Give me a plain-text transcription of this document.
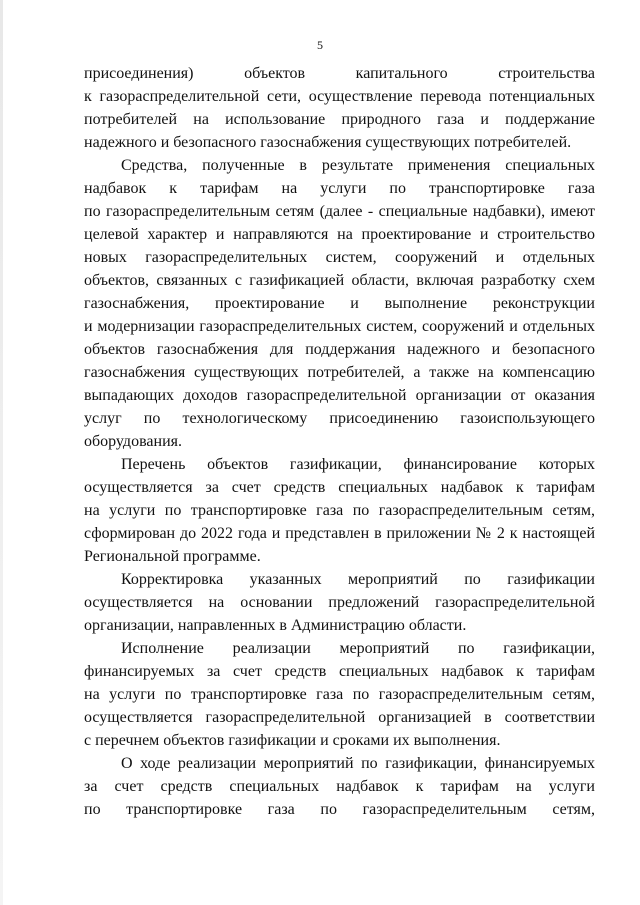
5
присоединения) объектов капитального строительства
к газораспределительной сети, осуществление перевода потенциальных
потребителей на использование природного газа и поддержание
надежного и безопасного газоснабжения существующих потребителей.
Средства, полученные в результате применения специальных
надбавок к тарифам на услуги по транспортировке газа
по газораспределительным сетям (далее - специальные надбавки), имеют
целевой характер и направляются на проектирование и строительство
новых газораспределительных систем, сооружений и отдельных
объектов, связанных с газификацией области, включая разработку схем
газоснабжения, проектирование и выполнение реконструкции
и модернизации газораспределительных систем, сооружений и отдельных
объектов газоснабжения для поддержания надежного и безопасного
газоснабжения существующих потребителей, а также на компенсацию
выпадающих доходов газораспределительной организации от оказания
услуг по технологическому присоединению газоиспользующего
оборудования.
Перечень объектов газификации, финансирование которых
осуществляется за счет средств специальных надбавок к тарифам
на услуги по транспортировке газа по газораспределительным сетям,
сформирован до 2022 года и представлен в приложении № 2 к настоящей
Региональной программе.
Корректировка указанных мероприятий по газификации
осуществляется на основании предложений газораспределительной
организации, направленных в Администрацию области.
Исполнение реализации мероприятий по газификации,
финансируемых за счет средств специальных надбавок к тарифам
на услуги по транспортировке газа по газораспределительным сетям,
осуществляется газораспределительной организацией в соответствии
с перечнем объектов газификации и сроками их выполнения.
О ходе реализации мероприятий по газификации, финансируемых
за счет средств специальных надбавок к тарифам на услуги
по транспортировке газа по газораспределительным сетям,
